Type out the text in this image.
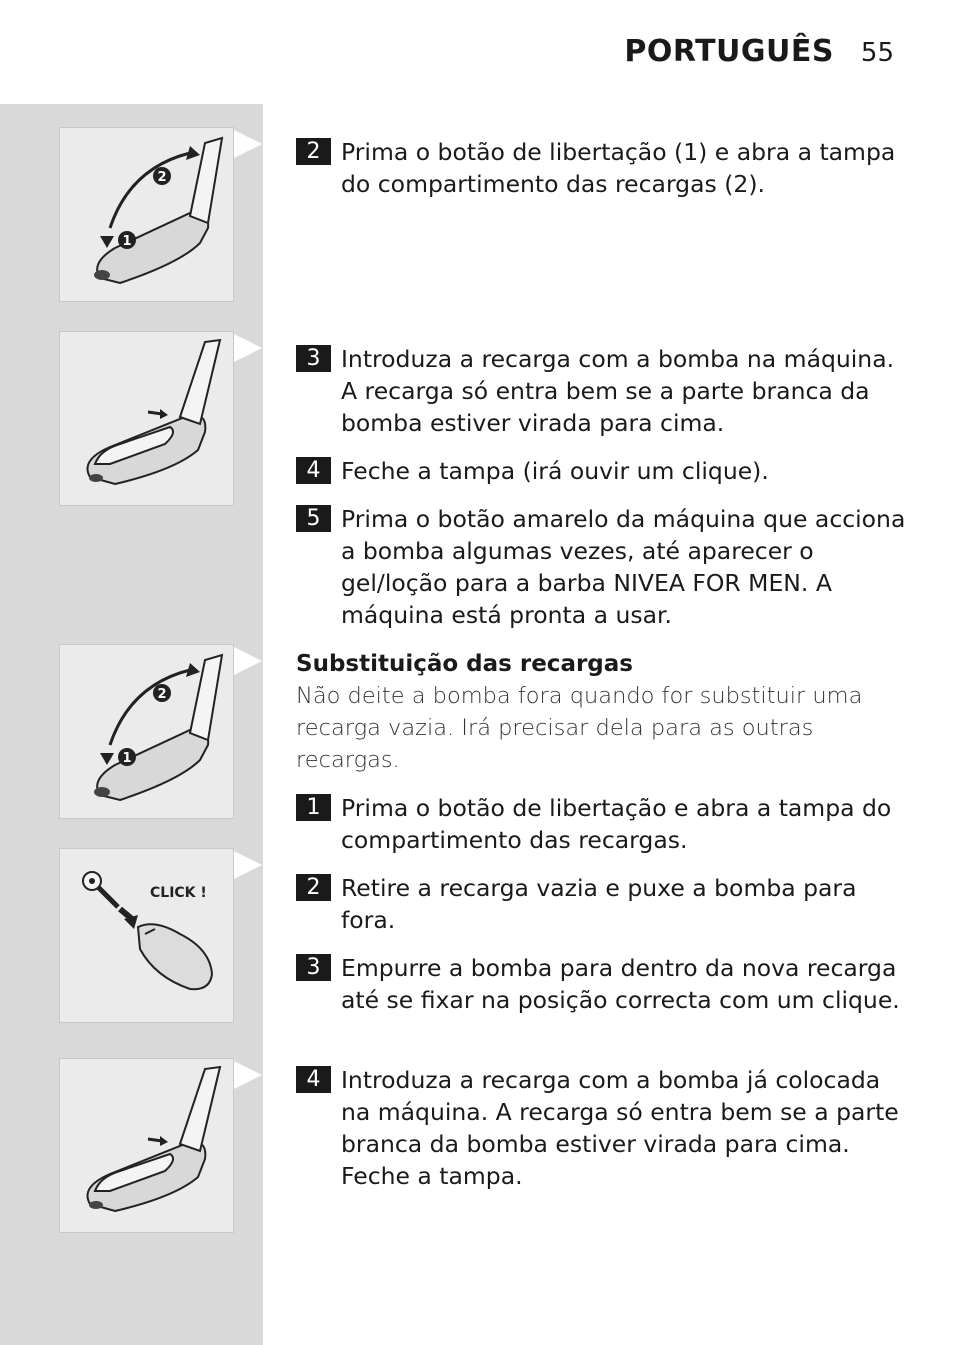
PORTUGUÊS 55
2
1
2
1
CLICK !
2 Prima o botão de libertação (1) e abra a tampa do compartimento das recargas (2).
3 Introduza a recarga com a bomba na máquina. A recarga só entra bem se a parte branca da bomba estiver virada para cima.
4 Feche a tampa (irá ouvir um clique).
5 Prima o botão amarelo da máquina que acciona a bomba algumas vezes, até aparecer o gel/loção para a barba NIVEA FOR MEN. A máquina está pronta a usar.
Substituição das recargas
Não deite a bomba fora quando for substituir uma recarga vazia. Irá precisar dela para as outras recargas.
1 Prima o botão de libertação e abra a tampa do compartimento das recargas.
2 Retire a recarga vazia e puxe a bomba para fora.
3 Empurre a bomba para dentro da nova recarga até se fixar na posição correcta com um clique.
4 Introduza a recarga com a bomba já colocada na máquina. A recarga só entra bem se a parte branca da bomba estiver virada para cima. Feche a tampa.
